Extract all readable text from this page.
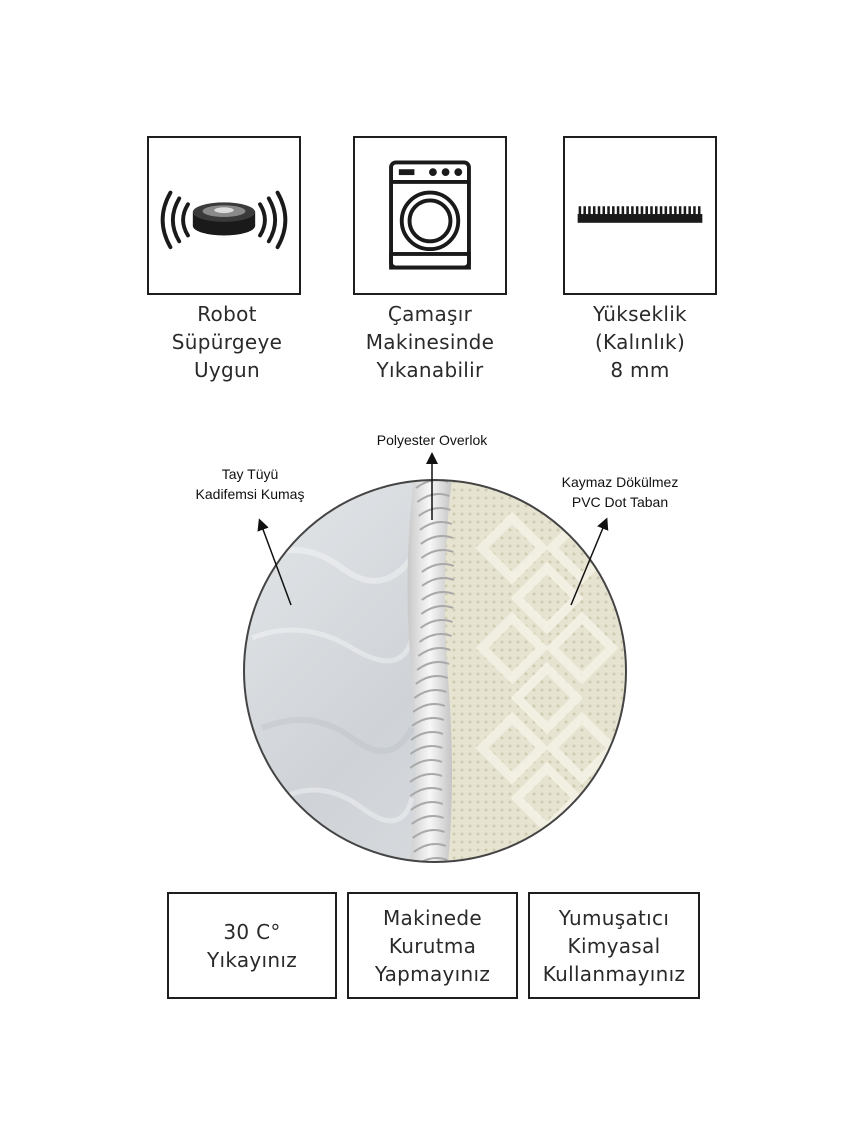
Robot
Süpürgeye
Uygun
Çamaşır
Makinesinde
Yıkanabilir
Yükseklik
(Kalınlık)
8 mm
Polyester Overlok
Tay Tüyü
Kadifemsi Kumaş
Kaymaz Dökülmez
PVC Dot Taban
30 C°
Yıkayınız
Makinede
Kurutma
Yapmayınız
Yumuşatıcı
Kimyasal
Kullanmayınız
